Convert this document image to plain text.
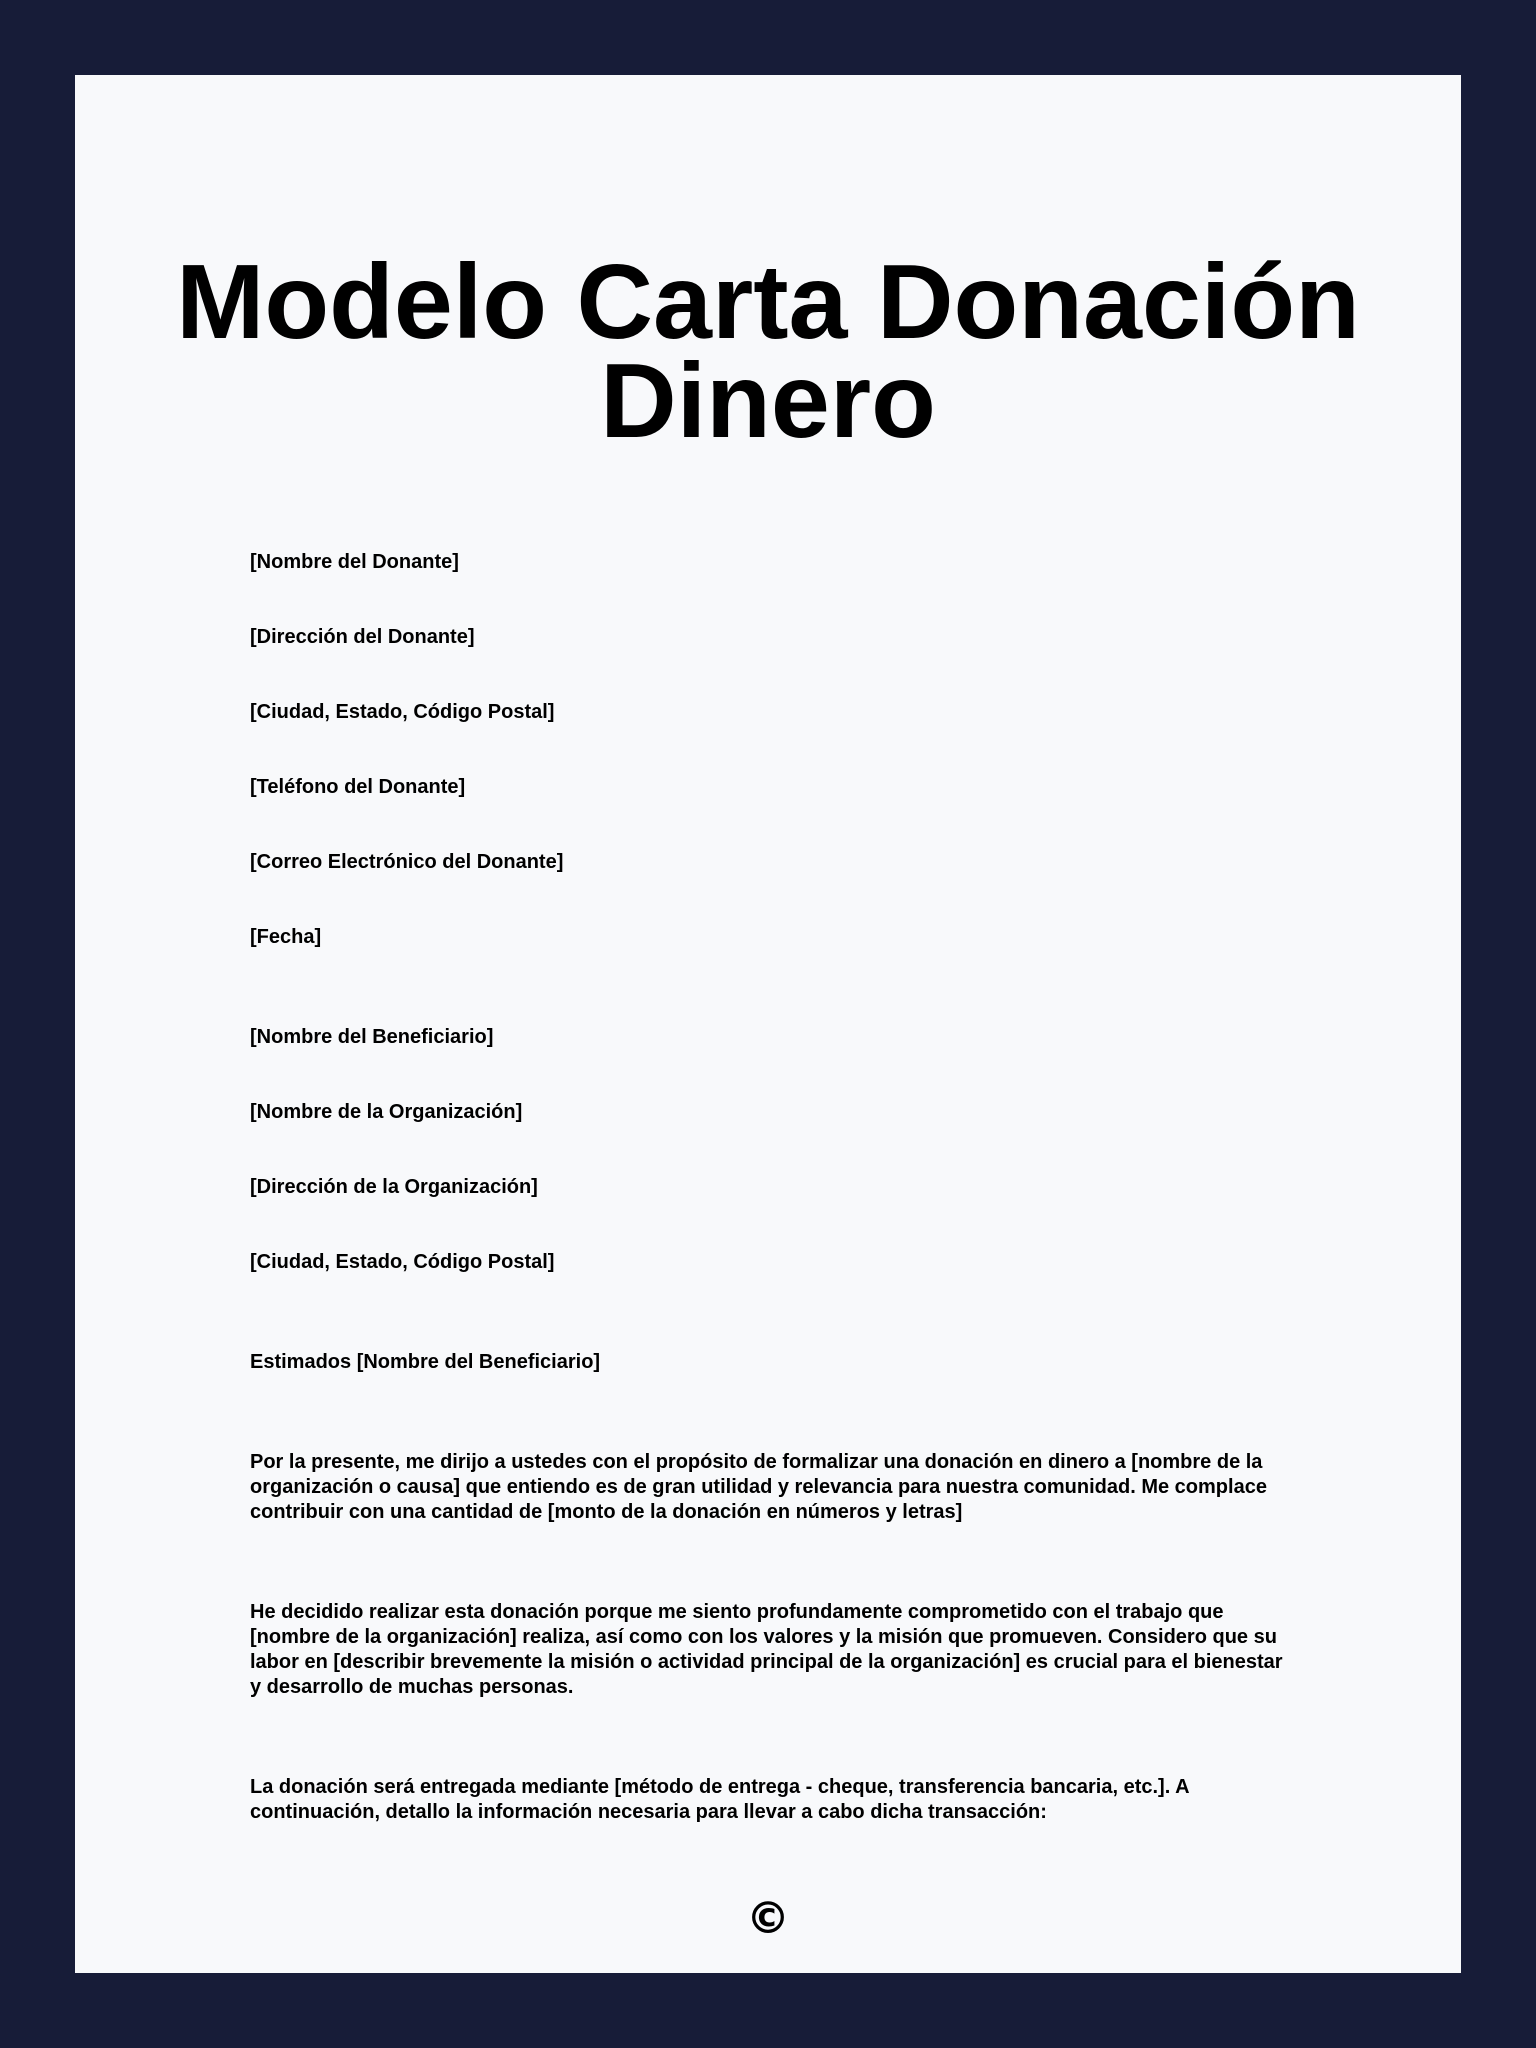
Modelo Carta Donación
Dinero

[Nombre del Donante]

[Dirección del Donante]

[Ciudad, Estado, Código Postal]

[Teléfono del Donante]

[Correo Electrónico del Donante]

[Fecha]

[Nombre del Beneficiario]

[Nombre de la Organización]

[Dirección de la Organización]

[Ciudad, Estado, Código Postal]

Estimados [Nombre del Beneficiario]

Por la presente, me dirijo a ustedes con el propósito de formalizar una donación en dinero a [nombre de la organización o causa] que entiendo es de gran utilidad y relevancia para nuestra comunidad. Me complace contribuir con una cantidad de [monto de la donación en números y letras]

He decidido realizar esta donación porque me siento profundamente comprometido con el trabajo que [nombre de la organización] realiza, así como con los valores y la misión que promueven. Considero que su labor en [describir brevemente la misión o actividad principal de la organización] es crucial para el bienestar y desarrollo de muchas personas.

La donación será entregada mediante [método de entrega - cheque, transferencia bancaria, etc.]. A continuación, detallo la información necesaria para llevar a cabo dicha transacción:

©
